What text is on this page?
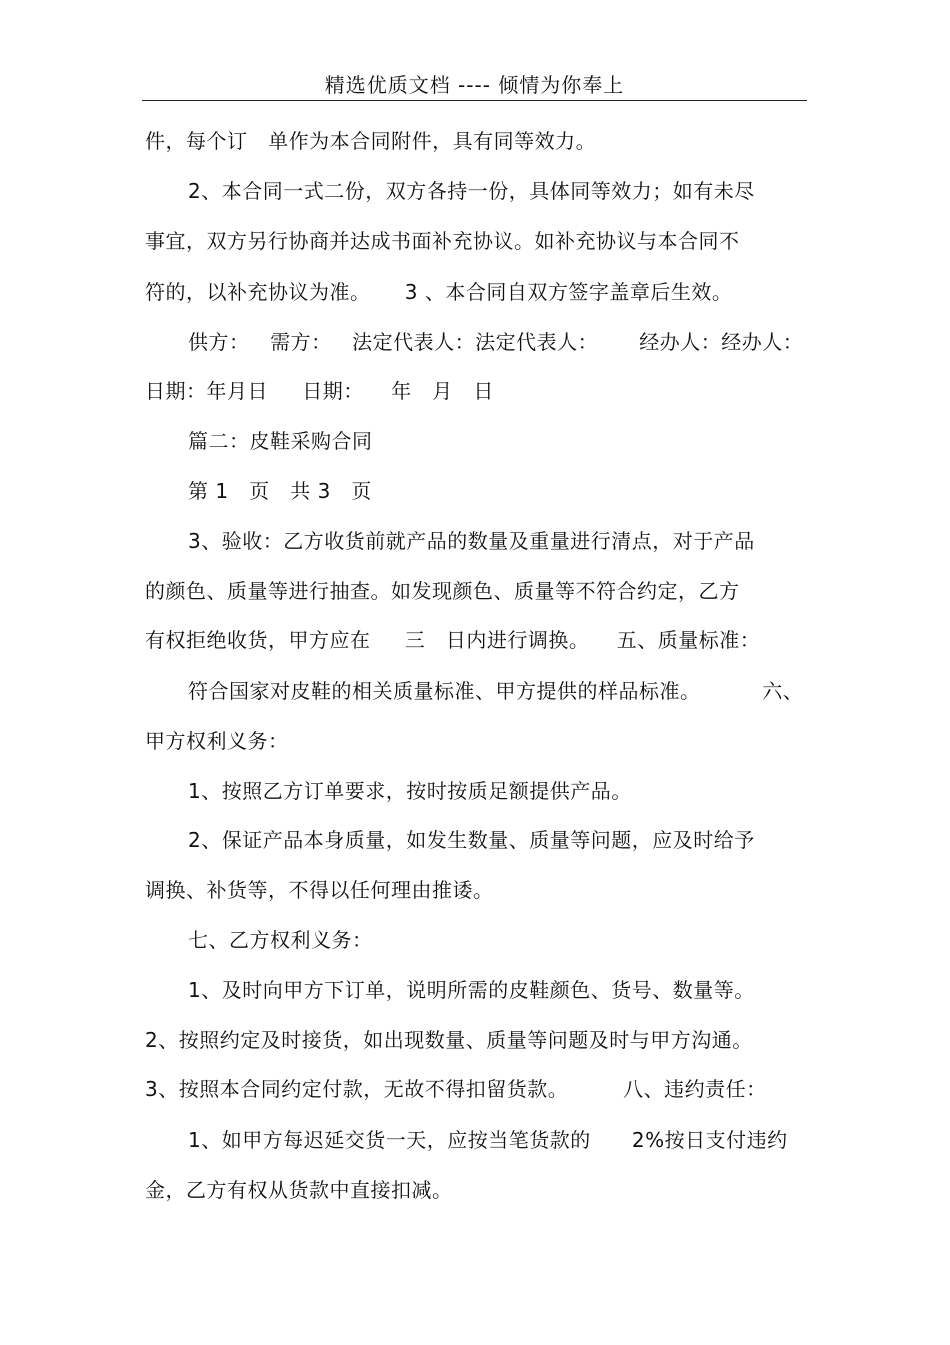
精选优质文档 ---- 倾情为你奉上
件，每个订   单作为本合同附件，具有同等效力。
2、本合同一式二份，双方各持一份，具体同等效力；如有未尽
事宜，双方另行协商并达成书面补充协议。如补充协议与本合同不
符的，以补充协议为准。     3 、本合同自双方签字盖章后生效。
供方：   需方：   法定代表人：法定代表人：      经办人：经办人：
日期：年月日     日期：    年   月   日
篇二：皮鞋采购合同
第 1   页   共 3   页
3、验收：乙方收货前就产品的数量及重量进行清点，对于产品
的颜色、质量等进行抽查。如发现颜色、质量等不符合约定，乙方
有权拒绝收货，甲方应在     三   日内进行调换。    五、质量标准：
符合国家对皮鞋的相关质量标准、甲方提供的样品标准。         六、
甲方权利义务：
1、按照乙方订单要求，按时按质足额提供产品。
2、保证产品本身质量，如发生数量、质量等问题，应及时给予
调换、补货等，不得以任何理由推诿。
七、乙方权利义务：
1、及时向甲方下订单，说明所需的皮鞋颜色、货号、数量等。
2、按照约定及时接货，如出现数量、质量等问题及时与甲方沟通。
3、按照本合同约定付款，无故不得扣留货款。        八、违约责任：
1、如甲方每迟延交货一天，应按当笔货款的      2%按日支付违约
金，乙方有权从货款中直接扣减。
